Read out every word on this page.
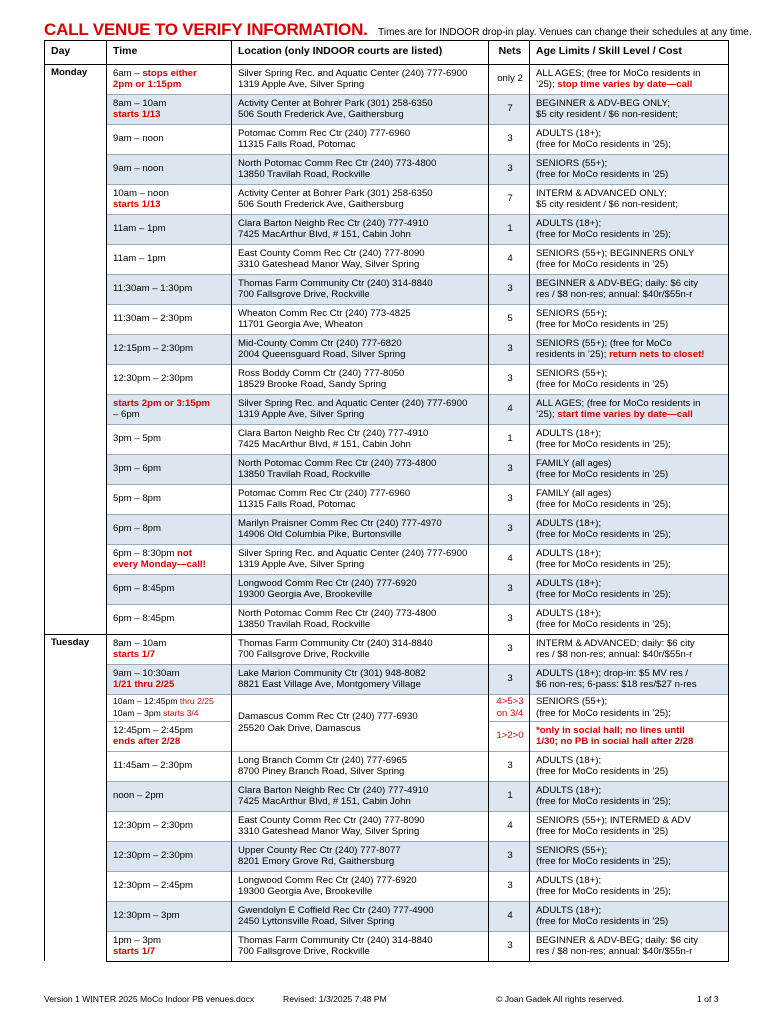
CALL VENUE TO VERIFY INFORMATION. Times are for INDOOR drop-in play. Venues can change their schedules at any time.
Day	Time	Location (only INDOOR courts are listed)	Nets	Age Limits / Skill Level / Cost
Monday	6am – stops either
2pm or 1:15pm	Silver Spring Rec. and Aquatic Center (240) 777-6900
1319 Apple Ave, Silver Spring	only 2	ALL AGES; (free for MoCo residents in
’25); stop time varies by date—call
	8am – 10am
starts 1/13	Activity Center at Bohrer Park (301) 258-6350
506 South Frederick Ave, Gaithersburg	7	BEGINNER & ADV-BEG ONLY;
$5 city resident / $6 non-resident;
	9am – noon	Potomac Comm Rec Ctr (240) 777-6960
11315 Falls Road, Potomac	3	ADULTS (18+);
(free for MoCo residents in ’25);
	9am – noon	North Potomac Comm Rec Ctr (240) 773-4800
13850 Travilah Road, Rockville	3	SENIORS (55+);
(free for MoCo residents in ’25)
	10am – noon
starts 1/13	Activity Center at Bohrer Park (301) 258-6350
506 South Frederick Ave, Gaithersburg	7	INTERM & ADVANCED ONLY;
$5 city resident / $6 non-resident;
	11am – 1pm	Clara Barton Neighb Rec Ctr (240) 777-4910
7425 MacArthur Blvd, # 151, Cabin John	1	ADULTS (18+);
(free for MoCo residents in ’25);
	11am – 1pm	East County Comm Rec Ctr (240) 777-8090
3310 Gateshead Manor Way, Silver Spring	4	SENIORS (55+); BEGINNERS ONLY
(free for MoCo residents in ’25)
	11:30am – 1:30pm	Thomas Farm Community Ctr (240) 314-8840
700 Fallsgrove Drive, Rockville	3	BEGINNER & ADV-BEG; daily: $6 city
res / $8 non-res; annual: $40r/$55n-r
	11:30am – 2:30pm	Wheaton Comm Rec Ctr (240) 773-4825
11701 Georgia Ave, Wheaton	5	SENIORS (55+);
(free for MoCo residents in ’25)
	12:15pm – 2:30pm	Mid-County Comm Ctr (240) 777-6820
2004 Queensguard Road, Silver Spring	3	SENIORS (55+); (free for MoCo
residents in ’25); return nets to closet!
	12:30pm – 2:30pm	Ross Boddy Comm Ctr (240) 777-8050
18529 Brooke Road, Sandy Spring	3	SENIORS (55+);
(free for MoCo residents in ’25)
	starts 2pm or 3:15pm
– 6pm	Silver Spring Rec. and Aquatic Center (240) 777-6900
1319 Apple Ave, Silver Spring	4	ALL AGES; (free for MoCo residents in
’25); start time varies by date—call
	3pm – 5pm	Clara Barton Neighb Rec Ctr (240) 777-4910
7425 MacArthur Blvd, # 151, Cabin John	1	ADULTS (18+);
(free for MoCo residents in ’25);
	3pm – 6pm	North Potomac Comm Rec Ctr (240) 773-4800
13850 Travilah Road, Rockville	3	FAMILY (all ages)
(free for MoCo residents in ’25)
	5pm – 8pm	Potomac Comm Rec Ctr (240) 777-6960
11315 Falls Road, Potomac	3	FAMILY (all ages)
(free for MoCo residents in ’25);
	6pm – 8pm	Marilyn Praisner Comm Rec Ctr (240) 777-4970
14906 Old Columbia Pike, Burtonsville	3	ADULTS (18+);
(free for MoCo residents in ’25);
	6pm – 8:30pm not
every Monday—call!	Silver Spring Rec. and Aquatic Center (240) 777-6900
1319 Apple Ave, Silver Spring	4	ADULTS (18+);
(free for MoCo residents in ’25);
	6pm – 8:45pm	Longwood Comm Rec Ctr (240) 777-6920
19300 Georgia Ave, Brookeville	3	ADULTS (18+);
(free for MoCo residents in ’25);
	6pm – 8:45pm	North Potomac Comm Rec Ctr (240) 773-4800
13850 Travilah Road, Rockville	3	ADULTS (18+);
(free for MoCo residents in ’25);
Tuesday	8am – 10am
starts 1/7	Thomas Farm Community Ctr (240) 314-8840
700 Fallsgrove Drive, Rockville	3	INTERM & ADVANCED; daily: $6 city
res / $8 non-res; annual: $40r/$55n-r
	9am – 10:30am
1/21 thru 2/25	Lake Marion Community Ctr (301) 948-8082
8821 East Village Ave, Montgomery Village	3	ADULTS (18+); drop-in: $5 MV res /
$6 non-res; 6-pass: $18 res/$27 n-res
	10am – 12:45pm thru 2/25
10am – 3pm starts 3/4	Damascus Comm Rec Ctr (240) 777-6930
25520 Oak Drive, Damascus	4>5>3
on 3/4	SENIORS (55+);
(free for MoCo residents in ’25);
	12:45pm – 2:45pm
ends after 2/28		1>2>0	*only in social hall; no lines until
1/30; no PB in social hall after 2/28
	11:45am – 2:30pm	Long Branch Comm Ctr (240) 777-6965
8700 Piney Branch Road, Silver Spring	3	ADULTS (18+);
(free for MoCo residents in ’25)
	noon – 2pm	Clara Barton Neighb Rec Ctr (240) 777-4910
7425 MacArthur Blvd, # 151, Cabin John	1	ADULTS (18+);
(free for MoCo residents in ’25);
	12:30pm – 2:30pm	East County Comm Rec Ctr (240) 777-8090
3310 Gateshead Manor Way, Silver Spring	4	SENIORS (55+); INTERMED & ADV
(free for MoCo residents in ’25)
	12:30pm – 2:30pm	Upper County Rec Ctr (240) 777-8077
8201 Emory Grove Rd, Gaithersburg	3	SENIORS (55+);
(free for MoCo residents in ’25);
	12:30pm – 2:45pm	Longwood Comm Rec Ctr (240) 777-6920
19300 Georgia Ave, Brookeville	3	ADULTS (18+);
(free for MoCo residents in ’25);
	12:30pm – 3pm	Gwendolyn E Coffield Rec Ctr (240) 777-4900
2450 Lyttonsville Road, Silver Spring	4	ADULTS (18+);
(free for MoCo residents in ’25)
	1pm – 3pm
starts 1/7	Thomas Farm Community Ctr (240) 314-8840
700 Fallsgrove Drive, Rockville	3	BEGINNER & ADV-BEG; daily: $6 city
res / $8 non-res; annual: $40r/$55n-r
Version 1 WINTER 2025 MoCo Indoor PB venues.docx	Revised: 1/3/2025 7:48 PM	© Joan Gadek All rights reserved.	1 of 3
